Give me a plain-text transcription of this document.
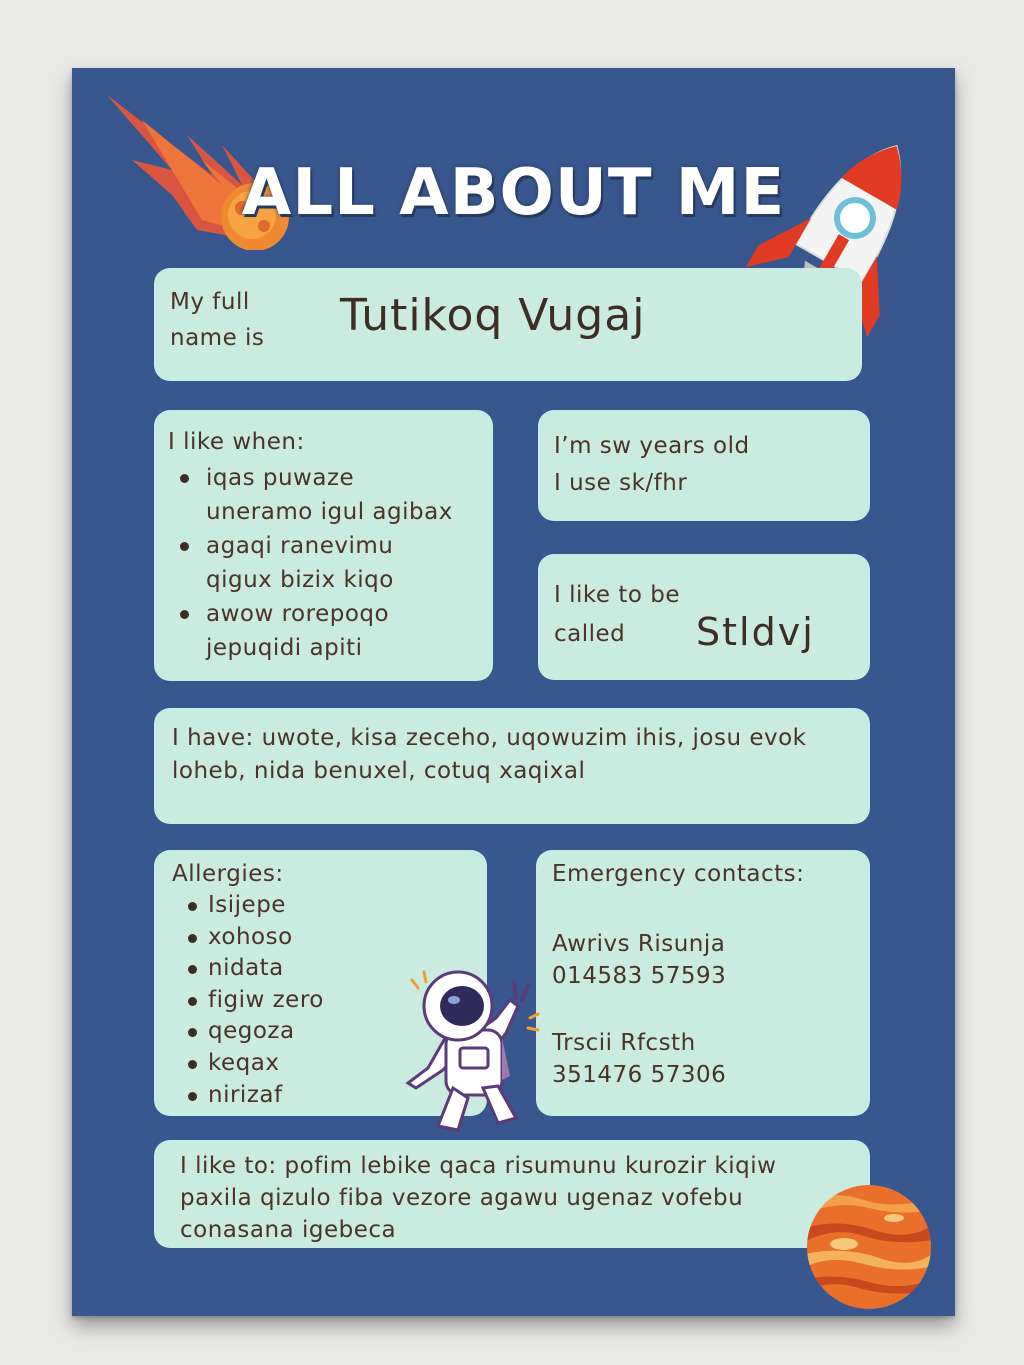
ALL ABOUT ME
My full
name is Tutikoq Vugaj
I like when:
iqas puwaze
uneramo igul agibax
agaqi ranevimu
qigux bizix kiqo
awow rorepoqo
jepuqidi apiti
I’m sw years old
I use sk/fhr
I like to be
called	Stldvj
I have: uwote, kisa zeceho, uqowuzim ihis, josu evok loheb, nida benuxel, cotuq xaqixal
Allergies:
Isijepe
xohoso
nidata
figiw zero
qegoza
keqax
nirizaf
Emergency contacts:
Awrivs Risunja
014583 57593
Trscii Rfcsth
351476 57306
I like to: pofim lebike qaca risumunu kurozir kiqiw paxila qizulo fiba vezore agawu ugenaz vofebu conasana igebeca
